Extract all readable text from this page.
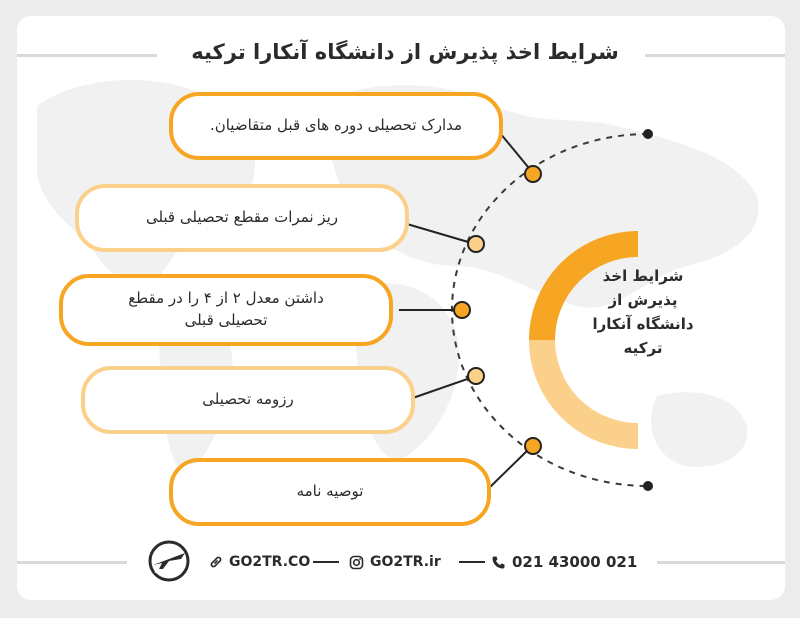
شرایط اخذ پذیرش از دانشگاه آنکارا ترکیه
مدارک تحصیلی دوره های قبل متقاضیان.
ریز نمرات مقطع تحصیلی قبلی
داشتن معدل ۲ از ۴ را در مقطع تحصیلی قبلی
رزومه تحصیلی
توصیه نامه
شرایط اخذ پذیرش از دانشگاه آنکارا ترکیه
GO2TR.CO	GO2TR.ir	021 43000 021
